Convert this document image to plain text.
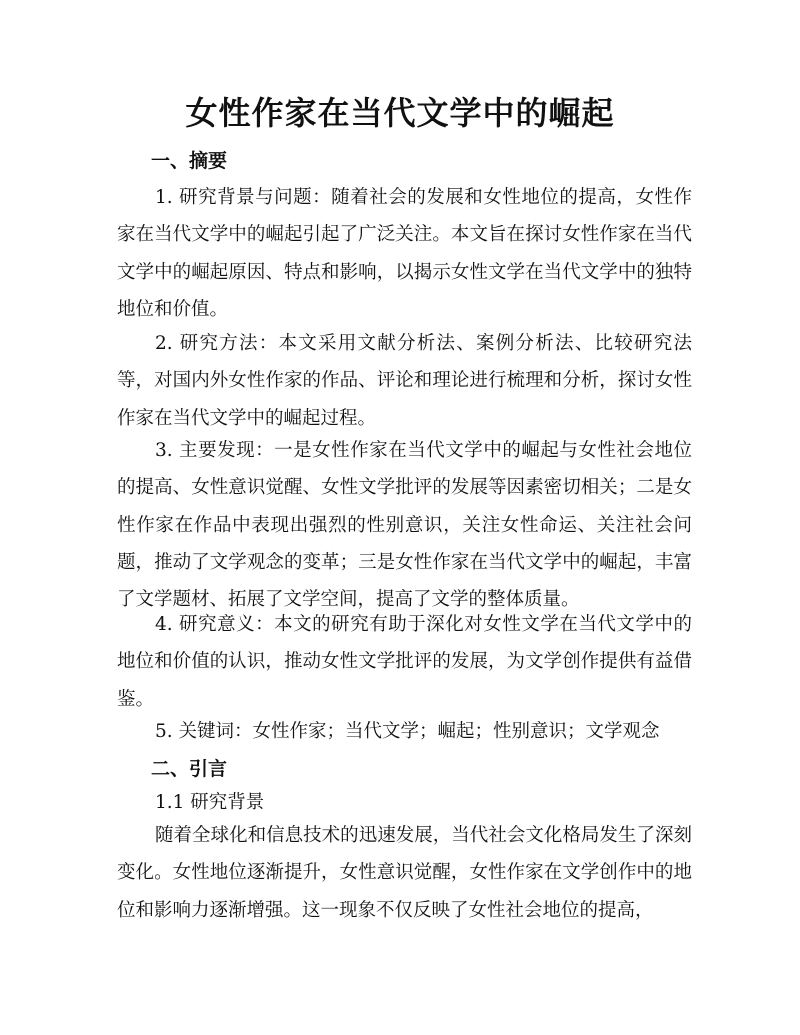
女性作家在当代文学中的崛起
一、摘要
1. 研究背景与问题：随着社会的发展和女性地位的提高，女性作家在当代文学中的崛起引起了广泛关注。本文旨在探讨女性作家在当代文学中的崛起原因、特点和影响，以揭示女性文学在当代文学中的独特地位和价值。
2. 研究方法：本文采用文献分析法、案例分析法、比较研究法等，对国内外女性作家的作品、评论和理论进行梳理和分析，探讨女性作家在当代文学中的崛起过程。
3. 主要发现：一是女性作家在当代文学中的崛起与女性社会地位的提高、女性意识觉醒、女性文学批评的发展等因素密切相关；二是女性作家在作品中表现出强烈的性别意识，关注女性命运、关注社会问题，推动了文学观念的变革；三是女性作家在当代文学中的崛起，丰富了文学题材、拓展了文学空间，提高了文学的整体质量。
4. 研究意义：本文的研究有助于深化对女性文学在当代文学中的地位和价值的认识，推动女性文学批评的发展，为文学创作提供有益借鉴。
5. 关键词：女性作家；当代文学；崛起；性别意识；文学观念
二、引言
1.1 研究背景
随着全球化和信息技术的迅速发展，当代社会文化格局发生了深刻变化。女性地位逐渐提升，女性意识觉醒，女性作家在文学创作中的地位和影响力逐渐增强。这一现象不仅反映了女性社会地位的提高，
